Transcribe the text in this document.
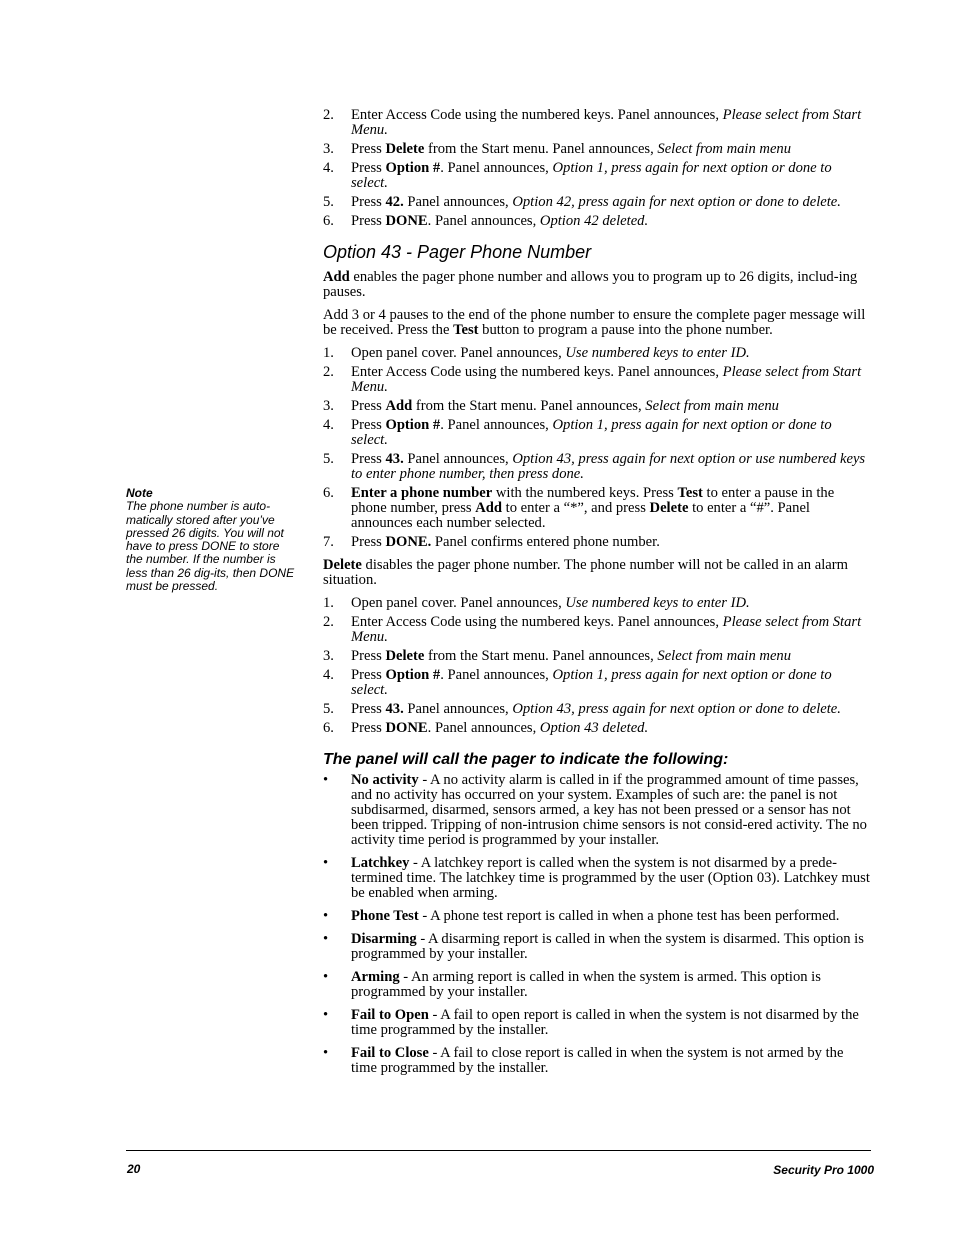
2.	Enter Access Code using the numbered keys. Panel announces, Please select from Start Menu.
3.	Press Delete from the Start menu. Panel announces, Select from main menu
4.	Press Option #. Panel announces, Option 1, press again for next option or done to select.
5.	Press 42. Panel announces, Option 42, press again for next option or done to delete.
6.	Press DONE. Panel announces, Option 42 deleted.
Option 43 - Pager Phone Number

Add enables the pager phone number and allows you to program up to 26 digits, includ-ing pauses.

Add 3 or 4 pauses to the end of the phone number to ensure the complete pager message will be received. Press the Test button to program a pause into the phone number.

1.	Open panel cover. Panel announces, Use numbered keys to enter ID.
2.	Enter Access Code using the numbered keys. Panel announces, Please select from Start Menu.
3.	Press Add from the Start menu. Panel announces, Select from main menu
4.	Press Option #. Panel announces, Option 1, press again for next option or done to select.
5.	Press 43. Panel announces, Option 43, press again for next option or use numbered keys to enter phone number, then press done.
6.	Enter a phone number with the numbered keys. Press Test to enter a pause in the phone number, press Add to enter a “*”, and press Delete to enter a “#”. Panel announces each number selected.
7.	Press DONE. Panel confirms entered phone number.

Delete disables the pager phone number. The phone number will not be called in an alarm situation.

1.	Open panel cover. Panel announces, Use numbered keys to enter ID.
2.	Enter Access Code using the numbered keys. Panel announces, Please select from Start Menu.
3.	Press Delete from the Start menu. Panel announces, Select from main menu
4.	Press Option #. Panel announces, Option 1, press again for next option or done to select.
5.	Press 43. Panel announces, Option 43, press again for next option or done to delete.
6.	Press DONE. Panel announces, Option 43 deleted.
The panel will call the pager to indicate the following:
•	No activity - A no activity alarm is called in if the programmed amount of time passes, and no activity has occurred on your system. Examples of such are: the panel is not subdisarmed, disarmed, sensors armed, a key has not been pressed or a sensor has not been tripped. Tripping of non-intrusion chime sensors is not consid-ered activity. The no activity time period is programmed by your installer.
•	Latchkey - A latchkey report is called when the system is not disarmed by a prede-termined time. The latchkey time is programmed by the user (Option 03). Latchkey must be enabled when arming.
•	Phone Test - A phone test report is called in when a phone test has been performed.
•	Disarming - A disarming report is called in when the system is disarmed. This option is programmed by your installer.
•	Arming - An arming report is called in when the system is armed. This option is programmed by your installer.
•	Fail to Open - A fail to open report is called in when the system is not disarmed by the time programmed by the installer.
•	Fail to Close - A fail to close report is called in when the system is not armed by the time programmed by the installer.
Note
The phone number is auto-matically stored after you’ve pressed 26 digits. You will not have to press DONE to store the number. If the number is less than 26 dig-its, then DONE must be pressed.
20	Security Pro 1000
